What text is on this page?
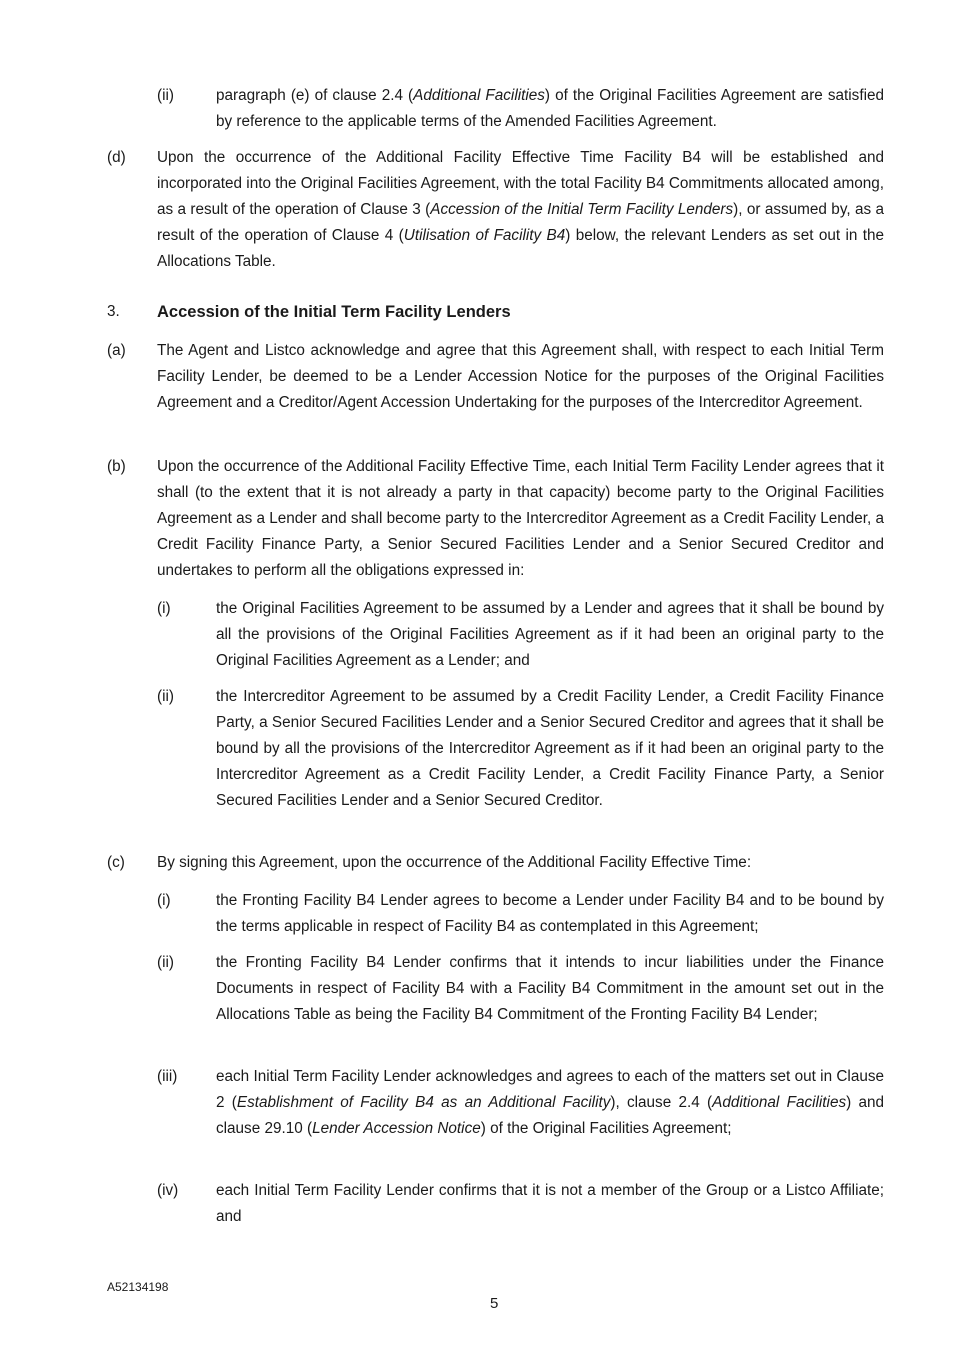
(ii)	paragraph (e) of clause 2.4 (Additional Facilities) of the Original Facilities Agreement are satisfied by reference to the applicable terms of the Amended Facilities Agreement.
(d) Upon the occurrence of the Additional Facility Effective Time Facility B4 will be established and incorporated into the Original Facilities Agreement, with the total Facility B4 Commitments allocated among, as a result of the operation of Clause 3 (Accession of the Initial Term Facility Lenders), or assumed by, as a result of the operation of Clause 4 (Utilisation of Facility B4) below, the relevant Lenders as set out in the Allocations Table.
3. Accession of the Initial Term Facility Lenders
(a) The Agent and Listco acknowledge and agree that this Agreement shall, with respect to each Initial Term Facility Lender, be deemed to be a Lender Accession Notice for the purposes of the Original Facilities Agreement and a Creditor/Agent Accession Undertaking for the purposes of the Intercreditor Agreement.
(b) Upon the occurrence of the Additional Facility Effective Time, each Initial Term Facility Lender agrees that it shall (to the extent that it is not already a party in that capacity) become party to the Original Facilities Agreement as a Lender and shall become party to the Intercreditor Agreement as a Credit Facility Lender, a Credit Facility Finance Party, a Senior Secured Facilities Lender and a Senior Secured Creditor and undertakes to perform all the obligations expressed in:
(i)	the Original Facilities Agreement to be assumed by a Lender and agrees that it shall be bound by all the provisions of the Original Facilities Agreement as if it had been an original party to the Original Facilities Agreement as a Lender; and
(ii)	the Intercreditor Agreement to be assumed by a Credit Facility Lender, a Credit Facility Finance Party, a Senior Secured Facilities Lender and a Senior Secured Creditor and agrees that it shall be bound by all the provisions of the Intercreditor Agreement as if it had been an original party to the Intercreditor Agreement as a Credit Facility Lender, a Credit Facility Finance Party, a Senior Secured Facilities Lender and a Senior Secured Creditor.
(c) By signing this Agreement, upon the occurrence of the Additional Facility Effective Time:
(i)	the Fronting Facility B4 Lender agrees to become a Lender under Facility B4 and to be bound by the terms applicable in respect of Facility B4 as contemplated in this Agreement;
(ii)	the Fronting Facility B4 Lender confirms that it intends to incur liabilities under the Finance Documents in respect of Facility B4 with a Facility B4 Commitment in the amount set out in the Allocations Table as being the Facility B4 Commitment of the Fronting Facility B4 Lender;
(iii)	each Initial Term Facility Lender acknowledges and agrees to each of the matters set out in Clause 2 (Establishment of Facility B4 as an Additional Facility), clause 2.4 (Additional Facilities) and clause 29.10 (Lender Accession Notice) of the Original Facilities Agreement;
(iv) each Initial Term Facility Lender confirms that it is not a member of the Group or a Listco Affiliate; and
A52134198
5
